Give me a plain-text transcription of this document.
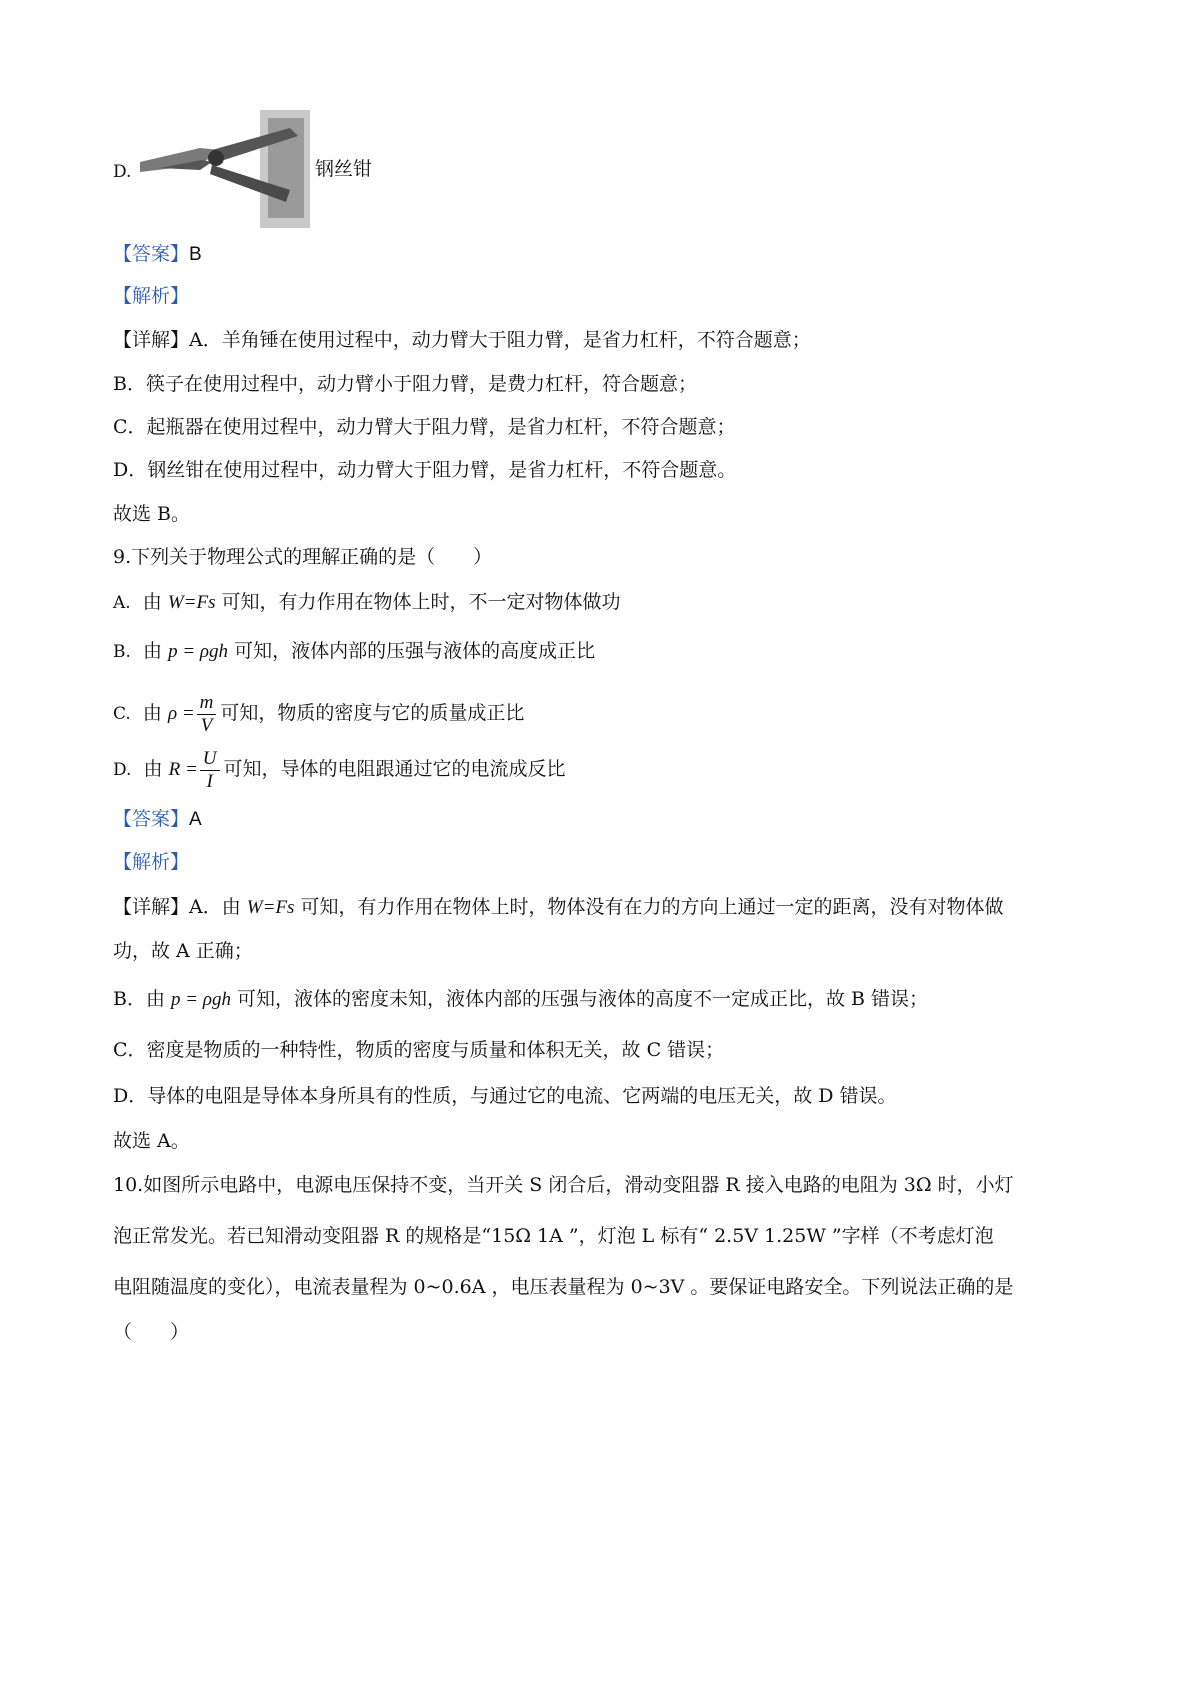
D.	钢丝钳
【答案】B
【解析】
【详解】A．羊角锤在使用过程中，动力臂大于阻力臂，是省力杠杆，不符合题意；
B．筷子在使用过程中，动力臂小于阻力臂，是费力杠杆，符合题意；
C．起瓶器在使用过程中，动力臂大于阻力臂，是省力杠杆，不符合题意；
D．钢丝钳在使用过程中，动力臂大于阻力臂，是省力杠杆，不符合题意。
故选 B。
9.下列关于物理公式的理解正确的是（　　）
A. 由 W=Fs 可知，有力作用在物体上时，不一定对物体做功
B. 由 p = ρgh 可知，液体内部的压强与液体的高度成正比
C. 由 $\rho = \frac{m}{V}$ 可知，物质的密度与它的质量成正比
D. 由 $R = \frac{U}{I}$ 可知，导体的电阻跟通过它的电流成反比
【答案】A
【解析】
【详解】A．由 W=Fs 可知，有力作用在物体上时，物体没有在力的方向上通过一定的距离，没有对物体做
功，故 A 正确；
B．由 p = ρgh 可知，液体的密度未知，液体内部的压强与液体的高度不一定成正比，故 B 错误；
C．密度是物质的一种特性，物质的密度与质量和体积无关，故 C 错误；
D．导体的电阻是导体本身所具有的性质，与通过它的电流、它两端的电压无关，故 D 错误。
故选 A。
10.如图所示电路中，电源电压保持不变，当开关 S 闭合后，滑动变阻器 R 接入电路的电阻为 3Ω 时，小灯
泡正常发光。若已知滑动变阻器 R 的规格是“15Ω 1A ”，灯泡 L 标有“ 2.5V 1.25W ”字样（不考虑灯泡
电阻随温度的变化），电流表量程为 0~0.6A ，电压表量程为 0~3V 。要保证电路安全。下列说法正确的是
（　　）
